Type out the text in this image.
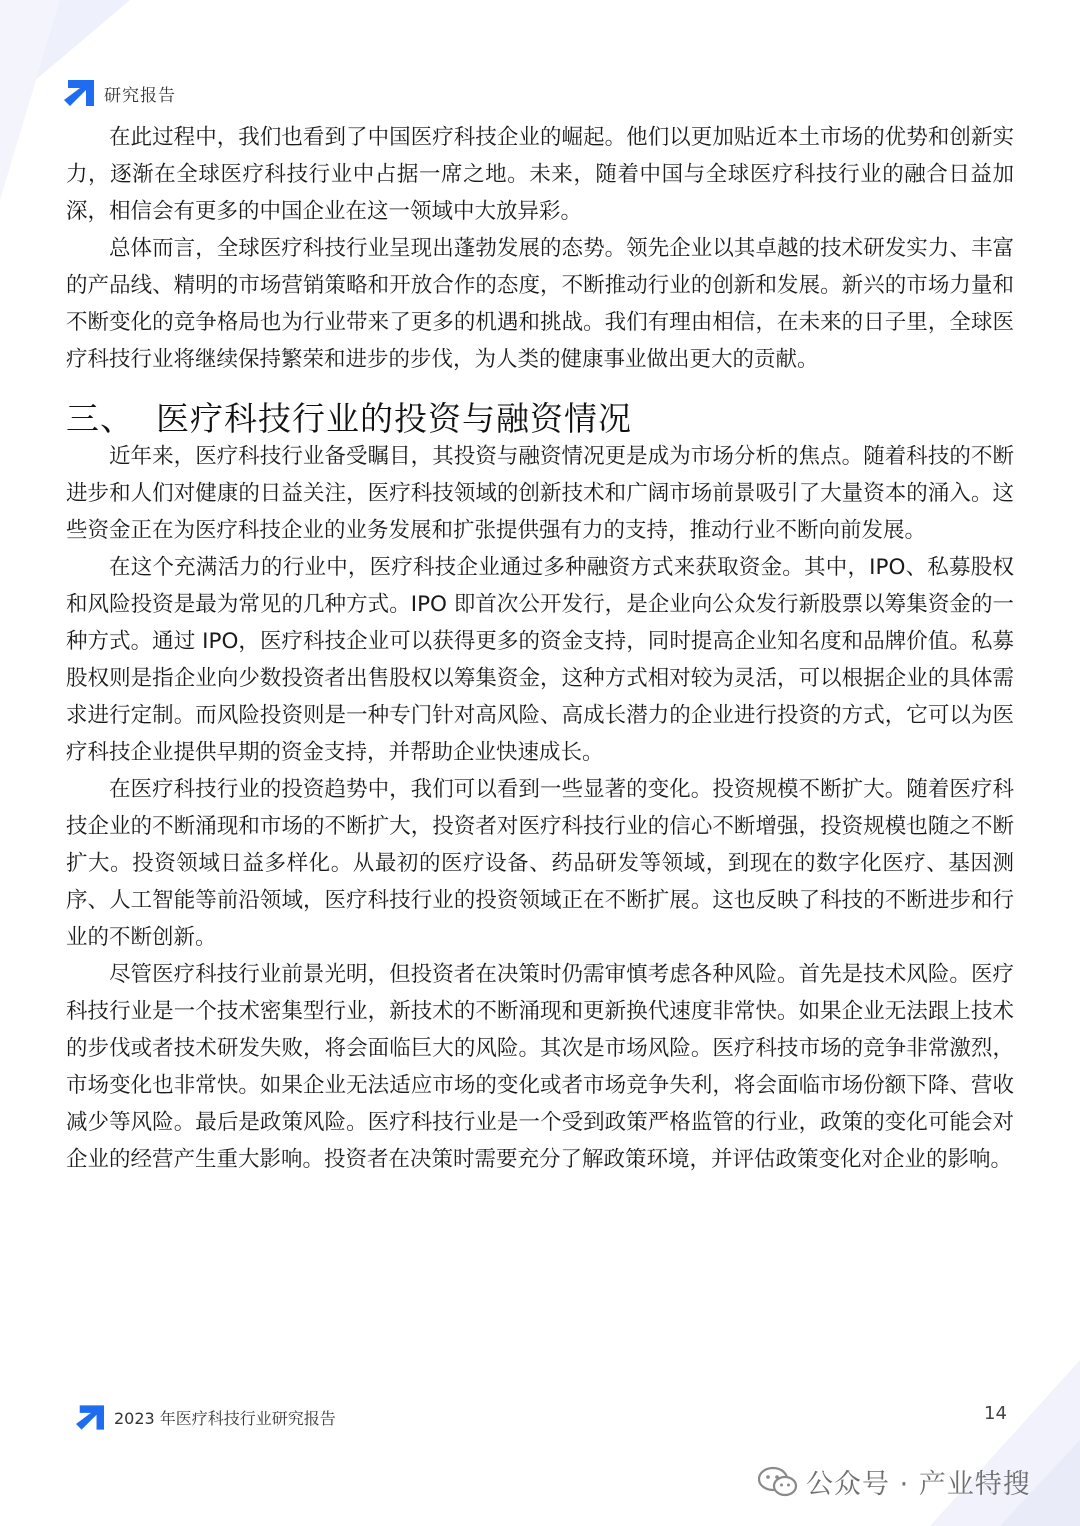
研究报告

在此过程中，我们也看到了中国医疗科技企业的崛起。他们以更加贴近本土市场的优势和创新实力，逐渐在全球医疗科技行业中占据一席之地。未来，随着中国与全球医疗科技行业的融合日益加深，相信会有更多的中国企业在这一领域中大放异彩。

总体而言，全球医疗科技行业呈现出蓬勃发展的态势。领先企业以其卓越的技术研发实力、丰富的产品线、精明的市场营销策略和开放合作的态度，不断推动行业的创新和发展。新兴的市场力量和不断变化的竞争格局也为行业带来了更多的机遇和挑战。我们有理由相信，在未来的日子里，全球医疗科技行业将继续保持繁荣和进步的步伐，为人类的健康事业做出更大的贡献。

三、 医疗科技行业的投资与融资情况

近年来，医疗科技行业备受瞩目，其投资与融资情况更是成为市场分析的焦点。随着科技的不断进步和人们对健康的日益关注，医疗科技领域的创新技术和广阔市场前景吸引了大量资本的涌入。这些资金正在为医疗科技企业的业务发展和扩张提供强有力的支持，推动行业不断向前发展。

在这个充满活力的行业中，医疗科技企业通过多种融资方式来获取资金。其中，IPO、私募股权和风险投资是最为常见的几种方式。IPO 即首次公开发行，是企业向公众发行新股票以筹集资金的一种方式。通过 IPO，医疗科技企业可以获得更多的资金支持，同时提高企业知名度和品牌价值。私募股权则是指企业向少数投资者出售股权以筹集资金，这种方式相对较为灵活，可以根据企业的具体需求进行定制。而风险投资则是一种专门针对高风险、高成长潜力的企业进行投资的方式，它可以为医疗科技企业提供早期的资金支持，并帮助企业快速成长。

在医疗科技行业的投资趋势中，我们可以看到一些显著的变化。投资规模不断扩大。随着医疗科技企业的不断涌现和市场的不断扩大，投资者对医疗科技行业的信心不断增强，投资规模也随之不断扩大。投资领域日益多样化。从最初的医疗设备、药品研发等领域，到现在的数字化医疗、基因测序、人工智能等前沿领域，医疗科技行业的投资领域正在不断扩展。这也反映了科技的不断进步和行业的不断创新。

尽管医疗科技行业前景光明，但投资者在决策时仍需审慎考虑各种风险。首先是技术风险。医疗科技行业是一个技术密集型行业，新技术的不断涌现和更新换代速度非常快。如果企业无法跟上技术的步伐或者技术研发失败，将会面临巨大的风险。其次是市场风险。医疗科技市场的竞争非常激烈，市场变化也非常快。如果企业无法适应市场的变化或者市场竞争失利，将会面临市场份额下降、营收减少等风险。最后是政策风险。医疗科技行业是一个受到政策严格监管的行业，政策的变化可能会对企业的经营产生重大影响。投资者在决策时需要充分了解政策环境，并评估政策变化对企业的影响。

2023 年医疗科技行业研究报告	14
公众号 · 产业特搜
